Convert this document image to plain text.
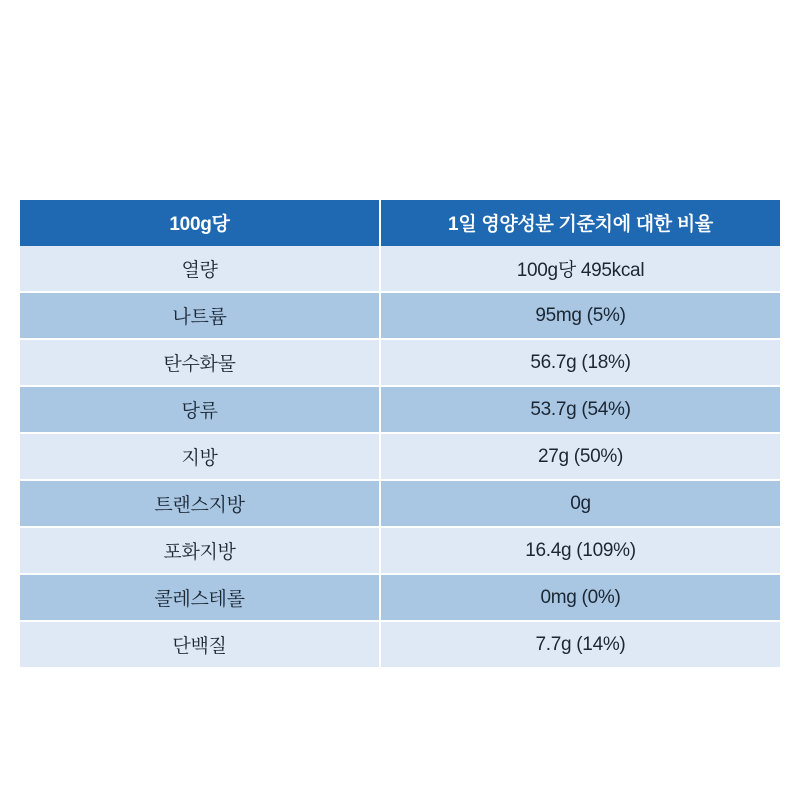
100g당	1일 영양성분 기준치에 대한 비율
열량	100g당 495kcal
나트륨	95mg (5%)
탄수화물	56.7g (18%)
당류	53.7g (54%)
지방	27g (50%)
트랜스지방	0g
포화지방	16.4g (109%)
콜레스테롤	0mg (0%)
단백질	7.7g (14%)
